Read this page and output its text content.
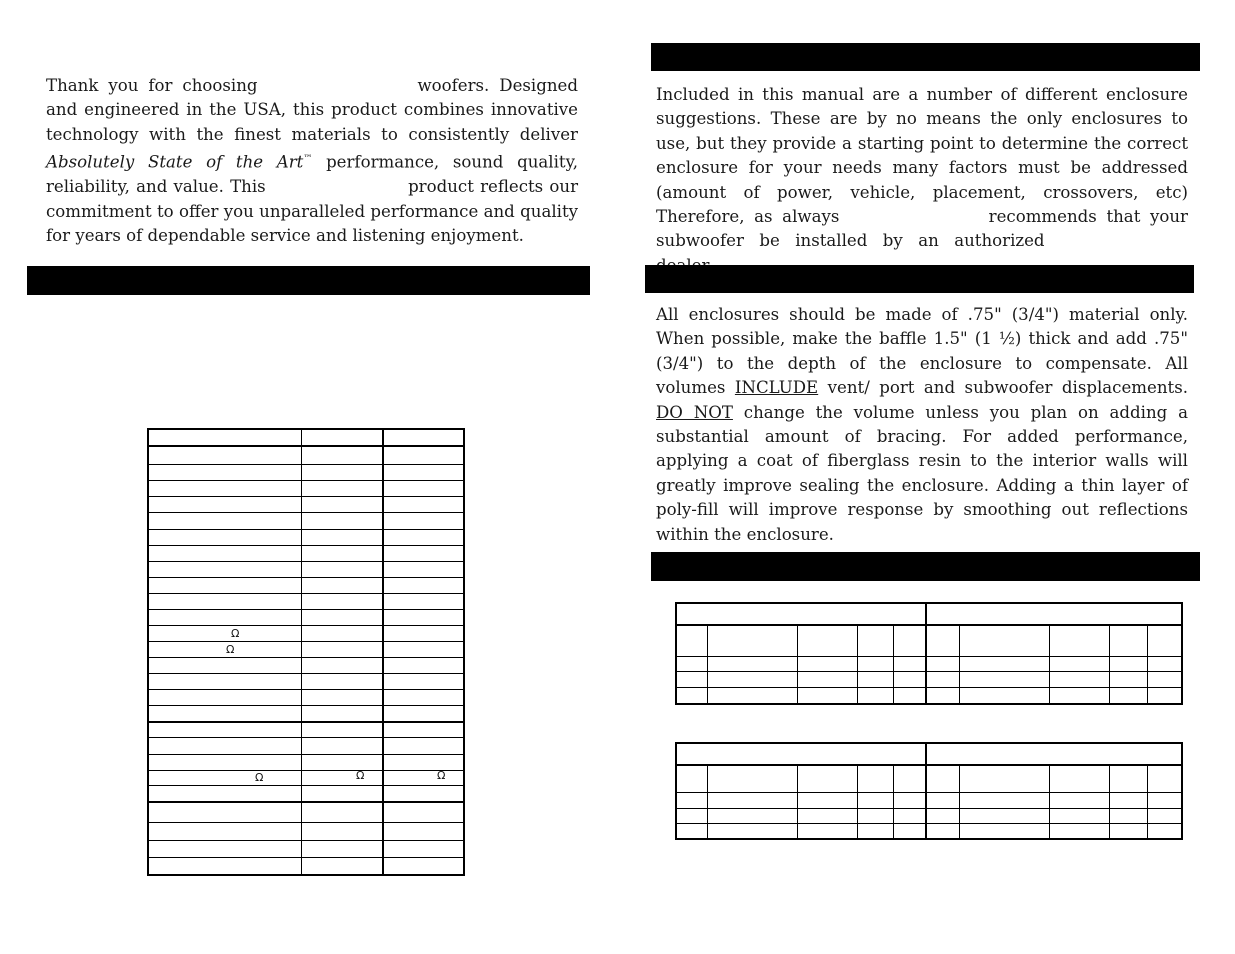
Thank you for choosing	woofers. Designed and engineered in the USA, this product combines innovative technology with the finest materials to consistently deliver Absolutely State of the Art™ performance, sound quality, reliability, and value. This	product reflects our commitment to offer you unparalleled performance and quality for years of dependable service and listening enjoyment.

Ω
Ω
Ω	Ω	Ω

Included in this manual are a number of different enclosure suggestions. These are by no means the only enclosures to use, but they provide a starting point to determine the correct enclosure for your needs many factors must be addressed (amount of power, vehicle, placement, crossovers, etc) Therefore, as always	recommends that your subwoofer be installed by an authorized

All enclosures should be made of .75" (3/4") material only. When possible, make the baffle 1.5" (1 ½) thick and add .75" (3/4") to the depth of the enclosure to compensate. All volumes INCLUDE vent/ port and subwoofer displacements. DO NOT change the volume unless you plan on adding a substantial amount of bracing. For added performance, applying a coat of fiberglass resin to the interior walls will greatly improve sealing the enclosure. Adding a thin layer of poly-fill will improve response by smoothing out reflections within the enclosure.
